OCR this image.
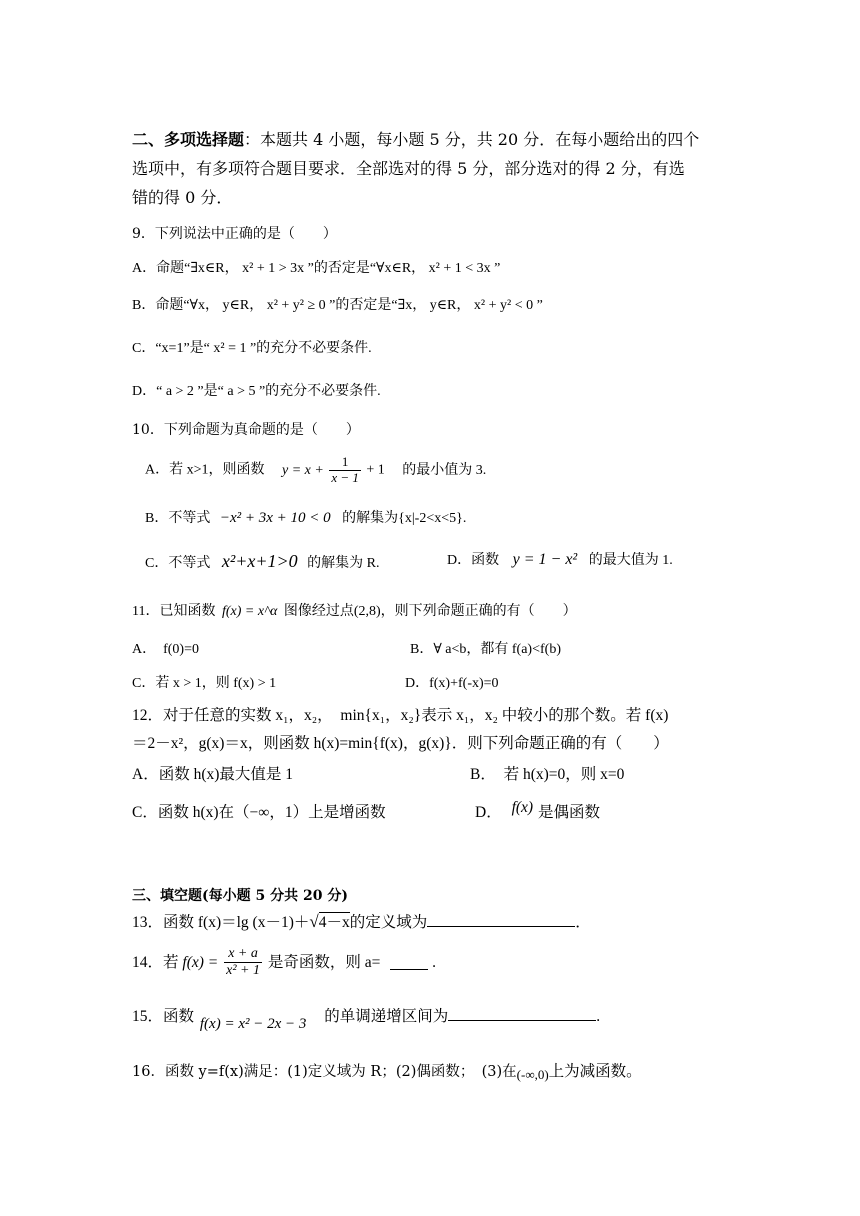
二、多项选择题：本题共 4 小题，每小题 5 分，共 20 分．在每小题给出的四个
选项中，有多项符合题目要求．全部选对的得 5 分，部分选对的得 2 分，有选
错的得 0 分．
9．下列说法中正确的是（　　）
A．命题“∃x∈R， x² + 1 > 3x ”的否定是“∀x∈R， x² + 1 < 3x ”
B．命题“∀x， y∈R， x² + y² ≥ 0 ”的否定是“∃x， y∈R， x² + y² < 0 ”
C．“x=1”是“ x² = 1 ”的充分不必要条件.
D．“ a > 2 ”是“ a > 5 ”的充分不必要条件.
10．下列命题为真命题的是（　　）
A．若 x>1，则函数 $y = x + \frac{1}{x - 1} + 1$ 的最小值为 3.
B．不等式 −x² + 3x + 10 < 0 的解集为{x|-2<x<5}.
C．不等式 x²+x+1>0 的解集为 R.	D．函数 y = 1 − x² 的最大值为 1.
11．已知函数 f(x) = x^α 图像经过点(2,8)，则下列命题正确的有（　　）
A．　f(0)=0	B．∀ a<b，都有 f(a)<f(b)
C．若 x > 1，则 f(x) > 1	D．f(x)+f(-x)=0
12．对于任意的实数 x₁，x₂，　min{x₁，x₂}表示 x₁，x₂ 中较小的那个数。若 f(x)
＝2－x²，g(x)＝x，则函数 h(x)=min{f(x)，g(x)}．则下列命题正确的有（　　）
A．函数 h(x)最大值是 1	B．　若 h(x)=0，则 x=0
C．函数 h(x)在（−∞，1）上是增函数	D． f(x) 是偶函数
三、填空题(每小题 5 分共 20 分)
13．函数 f(x)＝lg (x－1)＋√4－x的定义域为	．
14．若 $f(x) = \frac{x + a}{\text{x² + 1}}$ 是奇函数，则 a=	.
15．函数 f(x) = x² − 2x − 3 的单调递增区间为	.
16．函数 y=f(x)满足：(1)定义域为 R；(2)偶函数；　(3)在(-∞,0)上为减函数。
